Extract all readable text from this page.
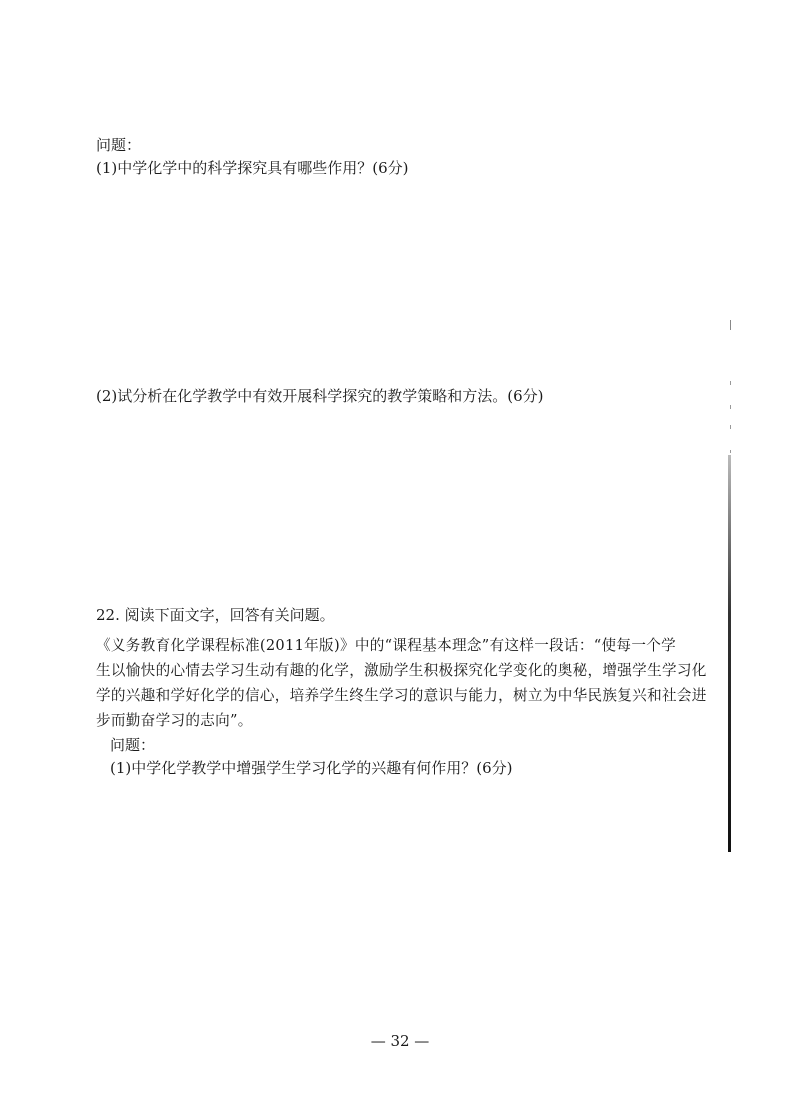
问题：
(1)中学化学中的科学探究具有哪些作用？(6分)
(2)试分析在化学教学中有效开展科学探究的教学策略和方法。(6分)
22. 阅读下面文字，回答有关问题。
《义务教育化学课程标准(2011年版)》中的“课程基本理念”有这样一段话：“使每一个学
生以愉快的心情去学习生动有趣的化学，激励学生积极探究化学变化的奥秘，增强学生学习化
学的兴趣和学好化学的信心，培养学生终生学习的意识与能力，树立为中华民族复兴和社会进
步而勤奋学习的志向”。
问题：
(1)中学化学教学中增强学生学习化学的兴趣有何作用？(6分)
— 32 —
